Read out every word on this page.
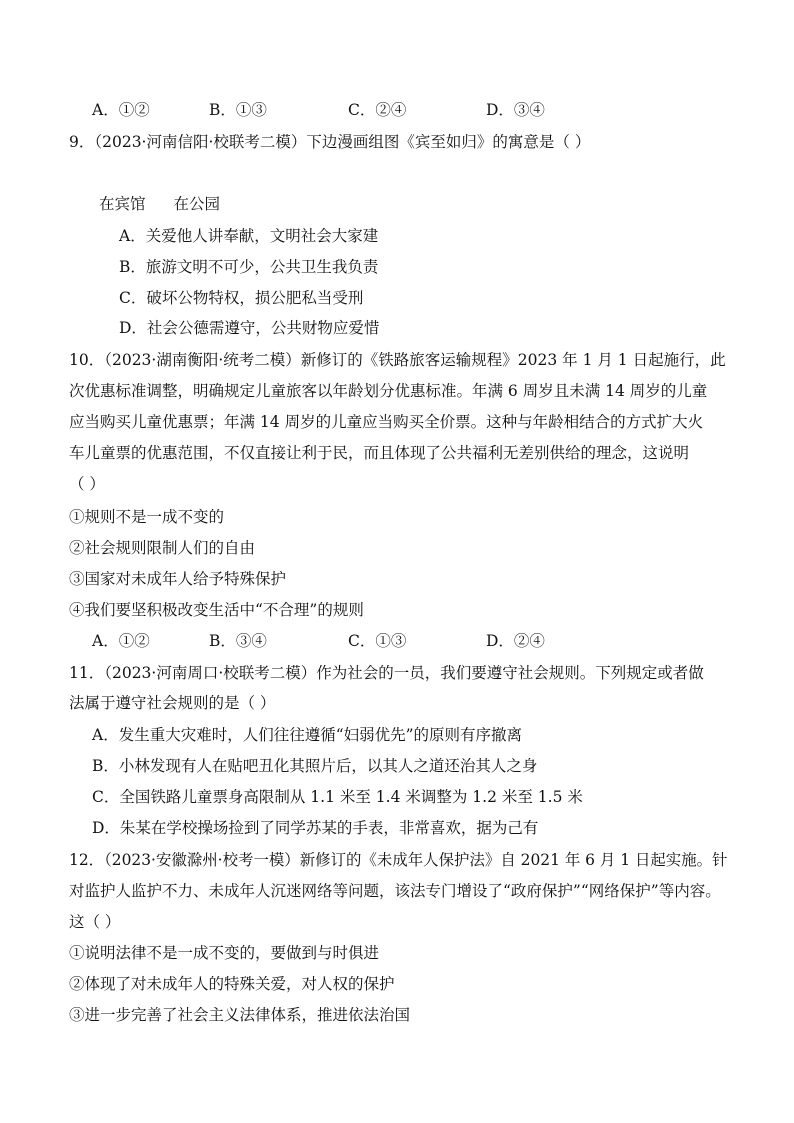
A．①②	B．①③	C．②④	D．③④
9．（2023·河南信阳·校联考二模）下边漫画组图《宾至如归》的寓意是（ ）
在宾馆 在公园
A．关爱他人讲奉献，文明社会大家建
B．旅游文明不可少，公共卫生我负责
C．破坏公物特权，损公肥私当受刑
D．社会公德需遵守，公共财物应爱惜
10．（2023·湖南衡阳·统考二模）新修订的《铁路旅客运输规程》2023 年 1 月 1 日起施行，此
次优惠标准调整，明确规定儿童旅客以年龄划分优惠标准。年满 6 周岁且未满 14 周岁的儿童
应当购买儿童优惠票；年满 14 周岁的儿童应当购买全价票。这种与年龄相结合的方式扩大火
车儿童票的优惠范围，不仅直接让利于民，而且体现了公共福利无差别供给的理念，这说明
（ ）
①规则不是一成不变的
②社会规则限制人们的自由
③国家对未成年人给予特殊保护
④我们要坚积极改变生活中“不合理”的规则
A．①②	B．③④	C．①③	D．②④
11．（2023·河南周口·校联考二模）作为社会的一员，我们要遵守社会规则。下列规定或者做
法属于遵守社会规则的是（ ）
A．发生重大灾难时，人们往往遵循“妇弱优先”的原则有序撤离
B．小林发现有人在贴吧丑化其照片后，以其人之道还治其人之身
C．全国铁路儿童票身高限制从 1.1 米至 1.4 米调整为 1.2 米至 1.5 米
D．朱某在学校操场捡到了同学苏某的手表，非常喜欢，据为己有
12．（2023·安徽滁州·校考一模）新修订的《未成年人保护法》自 2021 年 6 月 1 日起实施。针
对监护人监护不力、未成年人沉迷网络等问题，该法专门增设了“政府保护”“网络保护”等内容。
这（ ）
①说明法律不是一成不变的，要做到与时俱进
②体现了对未成年人的特殊关爱，对人权的保护
③进一步完善了社会主义法律体系，推进依法治国
